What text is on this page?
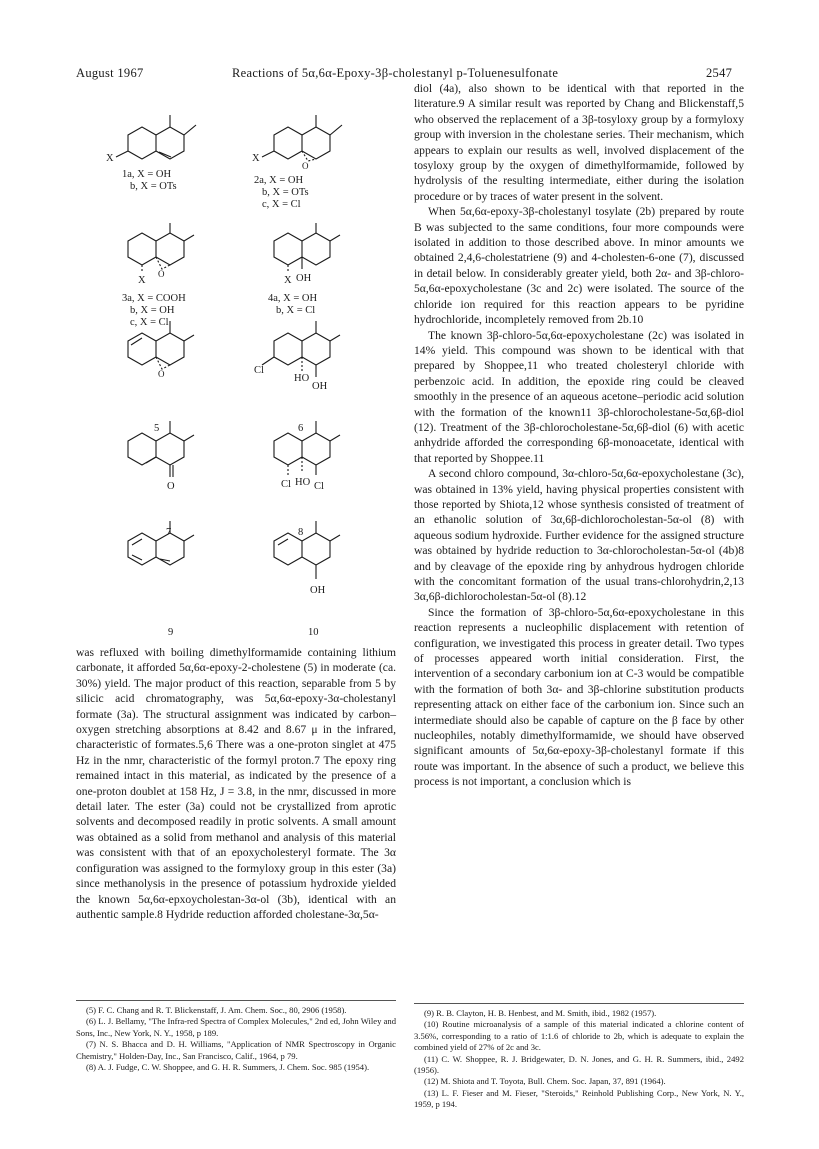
August 1967	Reactions of 5α,6α-Epoxy-3β-cholestanyl p-Toluenesulfonate	2547
X
1a, X = OH
b, X = OTs
X
O
2a, X = OH
b, X = OTs
c, X = Cl
X
O
3a, X = COOH
b, X = OH
c, X = Cl
X OH
4a, X = OH
b, X = Cl
O
5
Cl
HO
OH
6
O
7
Cl HO Cl
8
9
OH
10

was refluxed with boiling dimethylformamide containing lithium carbonate, it afforded 5α,6α-epoxy-2-cholestene (5) in moderate (ca. 30%) yield. The major product of this reaction, separable from 5 by silicic acid chromatography, was 5α,6α-epoxy-3α-cholestanyl formate (3a). The structural assignment was indicated by carbon–oxygen stretching absorptions at 8.42 and 8.67 μ in the infrared, characteristic of formates.5,6 There was a one-proton singlet at 475 Hz in the nmr, characteristic of the formyl proton.7 The epoxy ring remained intact in this material, as indicated by the presence of a one-proton doublet at 158 Hz, J = 3.8, in the nmr, discussed in more detail later. The ester (3a) could not be crystallized from aprotic solvents and decomposed readily in protic solvents. A small amount was obtained as a solid from methanol and analysis of this material was consistent with that of an epoxycholesteryl formate. The 3α configuration was assigned to the formyloxy group in this ester (3a) since methanolysis in the presence of potassium hydroxide yielded the known 5α,6α-epxoycholestan-3α-ol (3b), identical with an authentic sample.8 Hydride reduction afforded cholestane-3α,5α-

diol (4a), also shown to be identical with that reported in the literature.9 A similar result was reported by Chang and Blickenstaff,5 who observed the replacement of a 3β-tosyloxy group by a formyloxy group with inversion in the cholestane series. Their mechanism, which appears to explain our results as well, involved displacement of the tosyloxy group by the oxygen of dimethylformamide, followed by hydrolysis of the resulting intermediate, either during the isolation procedure or by traces of water present in the solvent.

When 5α,6α-epoxy-3β-cholestanyl tosylate (2b) prepared by route B was subjected to the same conditions, four more compounds were isolated in addition to those described above. In minor amounts we obtained 2,4,6-cholestatriene (9) and 4-cholesten-6-one (7), discussed in detail below. In considerably greater yield, both 2α- and 3β-chloro-5α,6α-epoxycholestane (3c and 2c) were isolated. The source of the chloride ion required for this reaction appears to be pyridine hydrochloride, incompletely removed from 2b.10

The known 3β-chloro-5α,6α-epoxycholestane (2c) was isolated in 14% yield. This compound was shown to be identical with that prepared by Shoppee,11 who treated cholesteryl chloride with perbenzoic acid. In addition, the epoxide ring could be cleaved smoothly in the presence of an aqueous acetone–periodic acid solution with the formation of the known11 3β-chlorocholestane-5α,6β-diol (12). Treatment of the 3β-chlorocholestane-5α,6β-diol (6) with acetic anhydride afforded the corresponding 6β-monoacetate, identical with that reported by Shoppee.11

A second chloro compound, 3α-chloro-5α,6α-epoxycholestane (3c), was obtained in 13% yield, having physical properties consistent with those reported by Shiota,12 whose synthesis consisted of treatment of an ethanolic solution of 3α,6β-dichlorocholestan-5α-ol (8) with aqueous sodium hydroxide. Further evidence for the assigned structure was obtained by hydride reduction to 3α-chlorocholestan-5α-ol (4b)8 and by cleavage of the epoxide ring by anhydrous hydrogen chloride with the concomitant formation of the usual trans-chlorohydrin,2,13 3α,6β-dichlorocholestan-5α-ol (8).12

Since the formation of 3β-chloro-5α,6α-epoxycholestane in this reaction represents a nucleophilic displacement with retention of configuration, we investigated this process in greater detail. Two types of processes appeared worth initial consideration. First, the intervention of a secondary carbonium ion at C-3 would be compatible with the formation of both 3α- and 3β-chlorine substitution products representing attack on either face of the carbonium ion. Since such an intermediate should also be capable of capture on the β face by other nucleophiles, notably dimethylformamide, we should have observed significant amounts of 5α,6α-epoxy-3β-cholestanyl formate if this route was important. In the absence of such a product, we believe this process is not important, a conclusion which is

(5) F. C. Chang and R. T. Blickenstaff, J. Am. Chem. Soc., 80, 2906 (1958).

(6) L. J. Bellamy, "The Infra-red Spectra of Complex Molecules," 2nd ed, John Wiley and Sons, Inc., New York, N. Y., 1958, p 189.

(7) N. S. Bhacca and D. H. Williams, "Application of NMR Spectroscopy in Organic Chemistry," Holden-Day, Inc., San Francisco, Calif., 1964, p 79.

(8) A. J. Fudge, C. W. Shoppee, and G. H. R. Summers, J. Chem. Soc. 985 (1954).

(9) R. B. Clayton, H. B. Henbest, and M. Smith, ibid., 1982 (1957).

(10) Routine microanalysis of a sample of this material indicated a chlorine content of 3.56%, corresponding to a ratio of 1:1.6 of chloride to 2b, which is adequate to explain the combined yield of 27% of 2c and 3c.

(11) C. W. Shoppee, R. J. Bridgewater, D. N. Jones, and G. H. R. Summers, ibid., 2492 (1956).

(12) M. Shiota and T. Toyota, Bull. Chem. Soc. Japan, 37, 891 (1964).

(13) L. F. Fieser and M. Fieser, "Steroids," Reinhold Publishing Corp., New York, N. Y., 1959, p 194.
